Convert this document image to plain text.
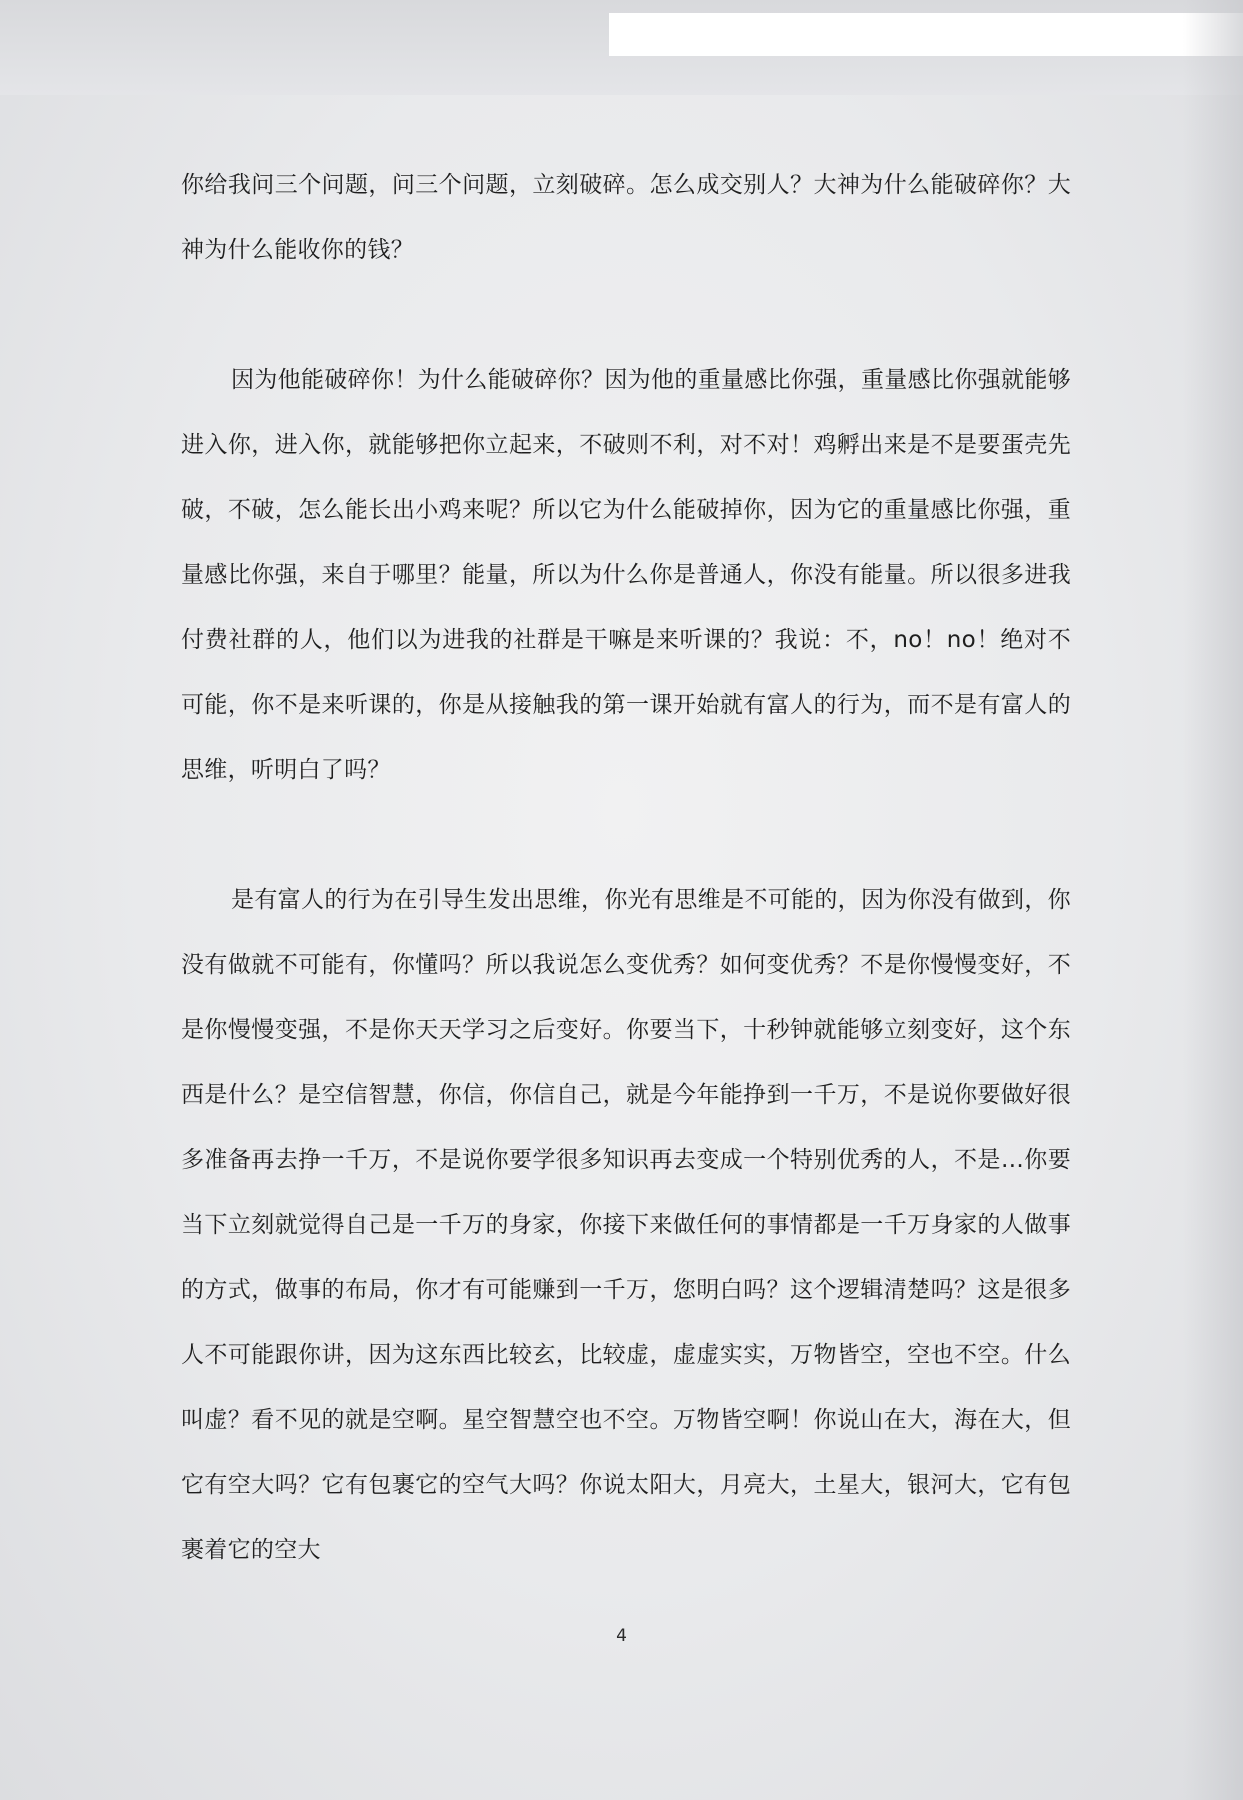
你给我问三个问题，问三个问题，立刻破碎。怎么成交别人？大神为什么能破碎你？大神为什么能收你的钱？

因为他能破碎你！为什么能破碎你？因为他的重量感比你强，重量感比你强就能够进入你，进入你，就能够把你立起来，不破则不利，对不对！鸡孵出来是不是要蛋壳先破，不破，怎么能长出小鸡来呢？所以它为什么能破掉你，因为它的重量感比你强，重量感比你强，来自于哪里？能量，所以为什么你是普通人，你没有能量。所以很多进我付费社群的人，他们以为进我的社群是干嘛是来听课的？我说：不，no！no！绝对不可能，你不是来听课的，你是从接触我的第一课开始就有富人的行为，而不是有富人的思维，听明白了吗？

是有富人的行为在引导生发出思维，你光有思维是不可能的，因为你没有做到，你没有做就不可能有，你懂吗？所以我说怎么变优秀？如何变优秀？不是你慢慢变好，不是你慢慢变强，不是你天天学习之后变好。你要当下，十秒钟就能够立刻变好，这个东西是什么？是空信智慧，你信，你信自己，就是今年能挣到一千万，不是说你要做好很多准备再去挣一千万，不是说你要学很多知识再去变成一个特别优秀的人，不是…你要当下立刻就觉得自己是一千万的身家，你接下来做任何的事情都是一千万身家的人做事的方式，做事的布局，你才有可能赚到一千万，您明白吗？这个逻辑清楚吗？这是很多人不可能跟你讲，因为这东西比较玄，比较虚，虚虚实实，万物皆空，空也不空。什么叫虚？看不见的就是空啊。星空智慧空也不空。万物皆空啊！你说山在大，海在大，但它有空大吗？它有包裹它的空气大吗？你说太阳大，月亮大，土星大，银河大，它有包裹着它的空大

4
